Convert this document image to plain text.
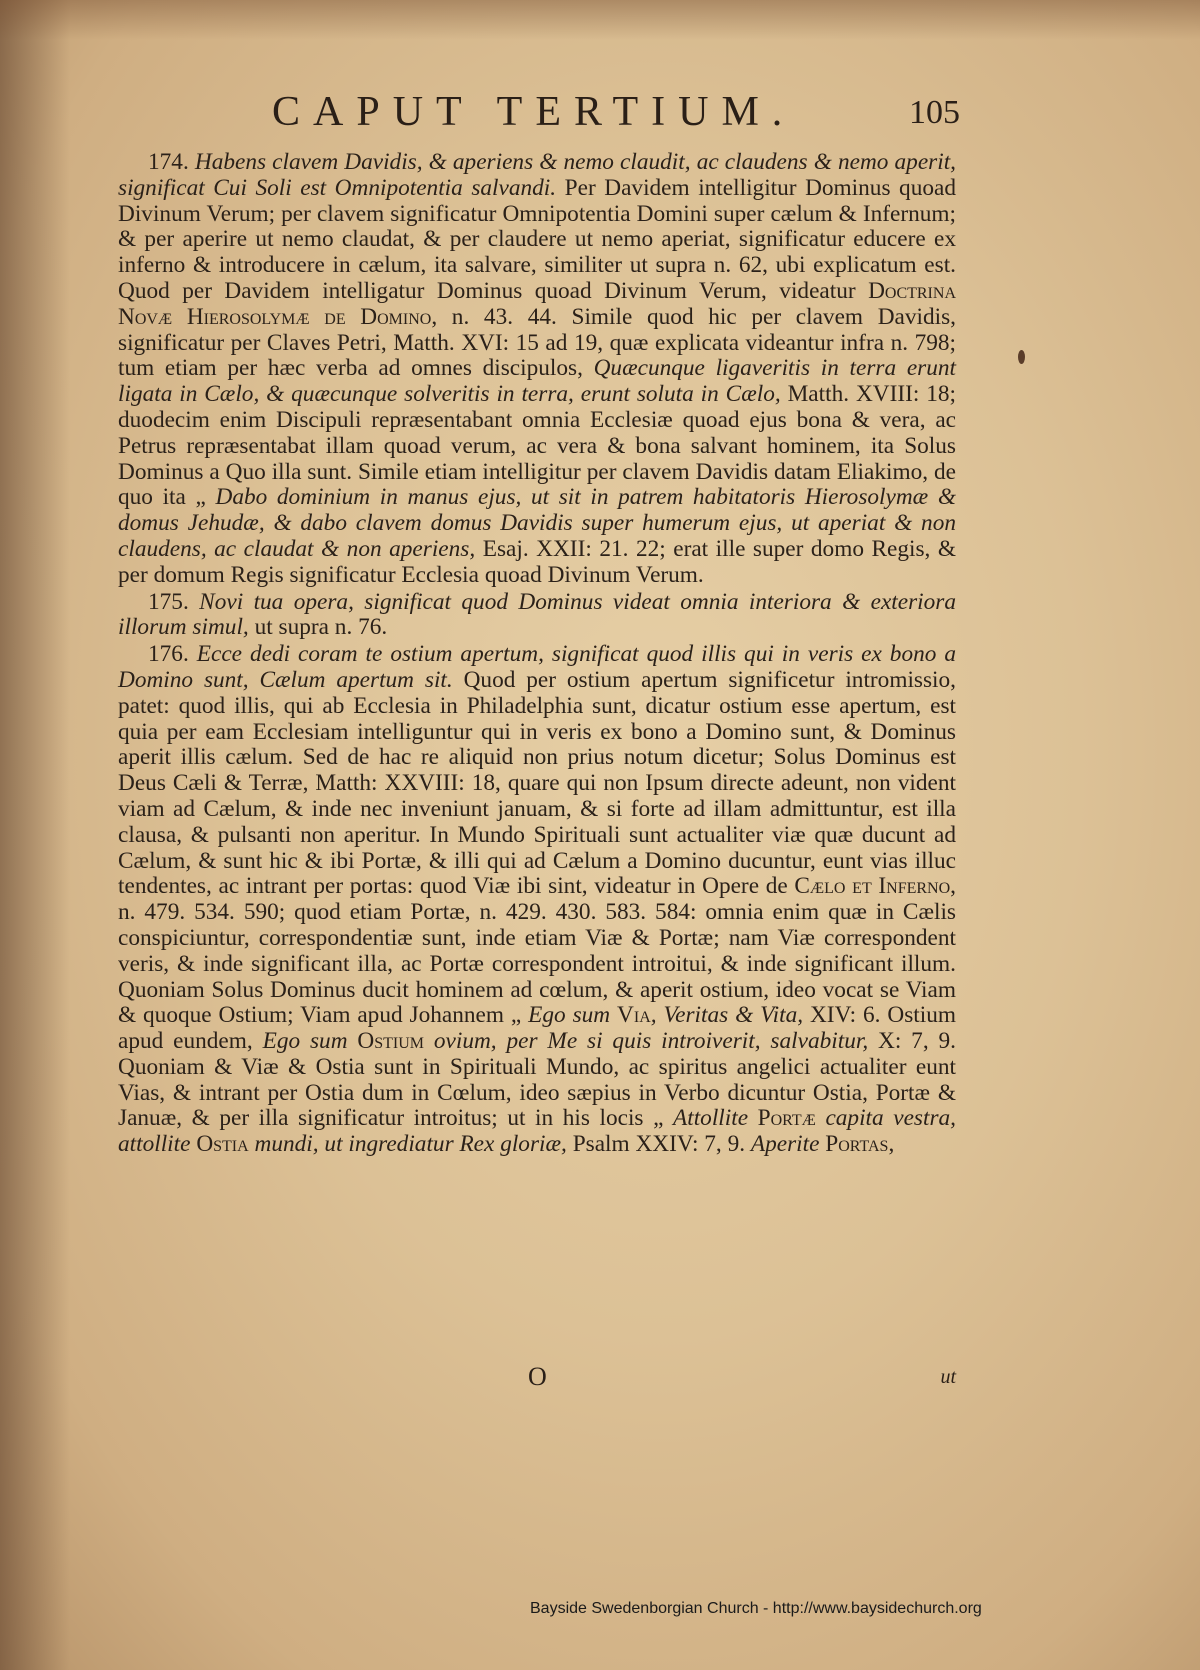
CAPUT TERTIUM.	105

174. Habens clavem Davidis, & aperiens & nemo claudit, ac claudens & nemo aperit, significat Cui Soli est Omnipotentia salvandi. Per Davidem intelligitur Dominus quoad Divinum Verum; per clavem significatur Omnipotentia Domini super cælum & Infernum; & per aperire ut nemo claudat, & per claudere ut nemo aperiat, significatur educere ex inferno & introducere in cælum, ita salvare, similiter ut supra n. 62, ubi explicatum est. Quod per Davidem intelligatur Dominus quoad Divinum Verum, videatur Doctrina Novæ Hierosolymæ de Domino, n. 43. 44. Simile quod hic per clavem Davidis, significatur per Claves Petri, Matth. XVI: 15 ad 19, quæ explicata videantur infra n. 798; tum etiam per hæc verba ad omnes discipulos, Quæcunque ligaveritis in terra erunt ligata in Cælo, & quæcunque solveritis in terra, erunt soluta in Cælo, Matth. XVIII: 18; duodecim enim Discipuli repræsentabant omnia Ecclesiæ quoad ejus bona & vera, ac Petrus repræsentabat illam quoad verum, ac vera & bona salvant hominem, ita Solus Dominus a Quo illa sunt. Simile etiam intelligitur per clavem Davidis datam Eliakimo, de quo ita „ Dabo dominium in manus ejus, ut sit in patrem habitatoris Hierosolymæ & domus Jehudæ, & dabo clavem domus Davidis super humerum ejus, ut aperiat & non claudens, ac claudat & non aperiens, Esaj. XXII: 21. 22; erat ille super domo Regis, & per domum Regis significatur Ecclesia quoad Divinum Verum.

175. Novi tua opera, significat quod Dominus videat omnia interiora & exteriora illorum simul, ut supra n. 76.

176. Ecce dedi coram te ostium apertum, significat quod illis qui in veris ex bono a Domino sunt, Cælum apertum sit. Quod per ostium apertum significetur intromissio, patet: quod illis, qui ab Ecclesia in Philadelphia sunt, dicatur ostium esse apertum, est quia per eam Ecclesiam intelliguntur qui in veris ex bono a Domino sunt, & Dominus aperit illis cælum. Sed de hac re aliquid non prius notum dicetur; Solus Dominus est Deus Cæli & Terræ, Matth: XXVIII: 18, quare qui non Ipsum directe adeunt, non vident viam ad Cælum, & inde nec inveniunt januam, & si forte ad illam admittuntur, est illa clausa, & pulsanti non aperitur. In Mundo Spirituali sunt actualiter viæ quæ ducunt ad Cælum, & sunt hic & ibi Portæ, & illi qui ad Cælum a Domino ducuntur, eunt vias illuc tendentes, ac intrant per portas: quod Viæ ibi sint, videatur in Opere de Cælo et Inferno, n. 479. 534. 590; quod etiam Portæ, n. 429. 430. 583. 584: omnia enim quæ in Cælis conspiciuntur, correspondentiæ sunt, inde etiam Viæ & Portæ; nam Viæ correspondent veris, & inde significant illa, ac Portæ correspondent introitui, & inde significant illum. Quoniam Solus Dominus ducit hominem ad cœlum, & aperit ostium, ideo vocat se Viam & quoque Ostium; Viam apud Johannem „ Ego sum Via, Veritas & Vita, XIV: 6. Ostium apud eundem, Ego sum Ostium ovium, per Me si quis introiverit, salvabitur, X: 7, 9. Quoniam & Viæ & Ostia sunt in Spirituali Mundo, ac spiritus angelici actualiter eunt Vias, & intrant per Ostia dum in Cœlum, ideo sæpius in Verbo dicuntur Ostia, Portæ & Januæ, & per illa significatur introitus; ut in his locis „ Attollite Portæ capita vestra, attollite Ostia mundi, ut ingrediatur Rex gloriæ, Psalm XXIV: 7, 9. Aperite Portas,

O	ut
Bayside Swedenborgian Church - http://www.baysidechurch.org
